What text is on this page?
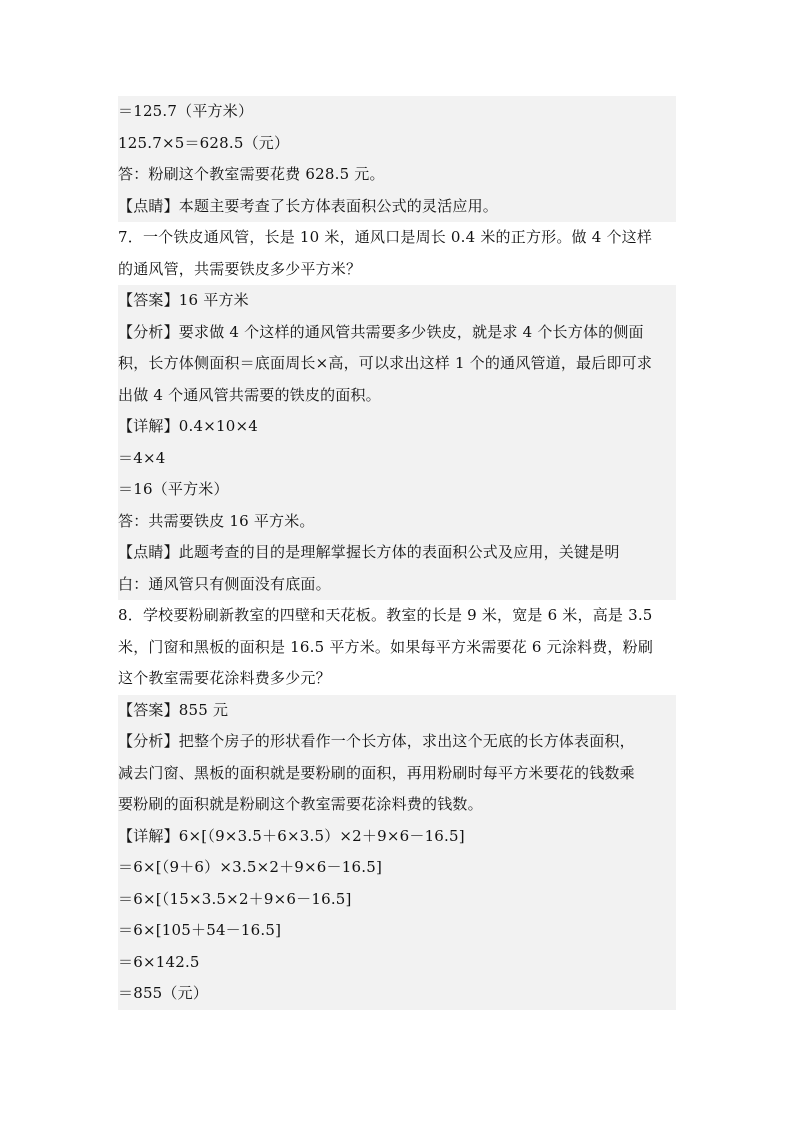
＝125.7（平方米）
125.7×5＝628.5（元）
答：粉刷这个教室需要花费 628.5 元。
【点睛】本题主要考查了长方体表面积公式的灵活应用。
7．一个铁皮通风管，长是 10 米，通风口是周长 0.4 米的正方形。做 4 个这样
的通风管，共需要铁皮多少平方米？
【答案】16 平方米
【分析】要求做 4 个这样的通风管共需要多少铁皮，就是求 4 个长方体的侧面
积，长方体侧面积＝底面周长×高，可以求出这样 1 个的通风管道，最后即可求
出做 4 个通风管共需要的铁皮的面积。
【详解】0.4×10×4
＝4×4
＝16（平方米）
答：共需要铁皮 16 平方米。
【点睛】此题考查的目的是理解掌握长方体的表面积公式及应用，关键是明
白：通风管只有侧面没有底面。
8．学校要粉刷新教室的四壁和天花板。教室的长是 9 米，宽是 6 米，高是 3.5
米，门窗和黑板的面积是 16.5 平方米。如果每平方米需要花 6 元涂料费，粉刷
这个教室需要花涂料费多少元？
【答案】855 元
【分析】把整个房子的形状看作一个长方体，求出这个无底的长方体表面积，
减去门窗、黑板的面积就是要粉刷的面积，再用粉刷时每平方米要花的钱数乘
要粉刷的面积就是粉刷这个教室需要花涂料费的钱数。
【详解】6×[（9×3.5＋6×3.5）×2＋9×6－16.5]
＝6×[（9＋6）×3.5×2＋9×6－16.5]
＝6×[（15×3.5×2＋9×6－16.5]
＝6×[105＋54－16.5]
＝6×142.5
＝855（元）
